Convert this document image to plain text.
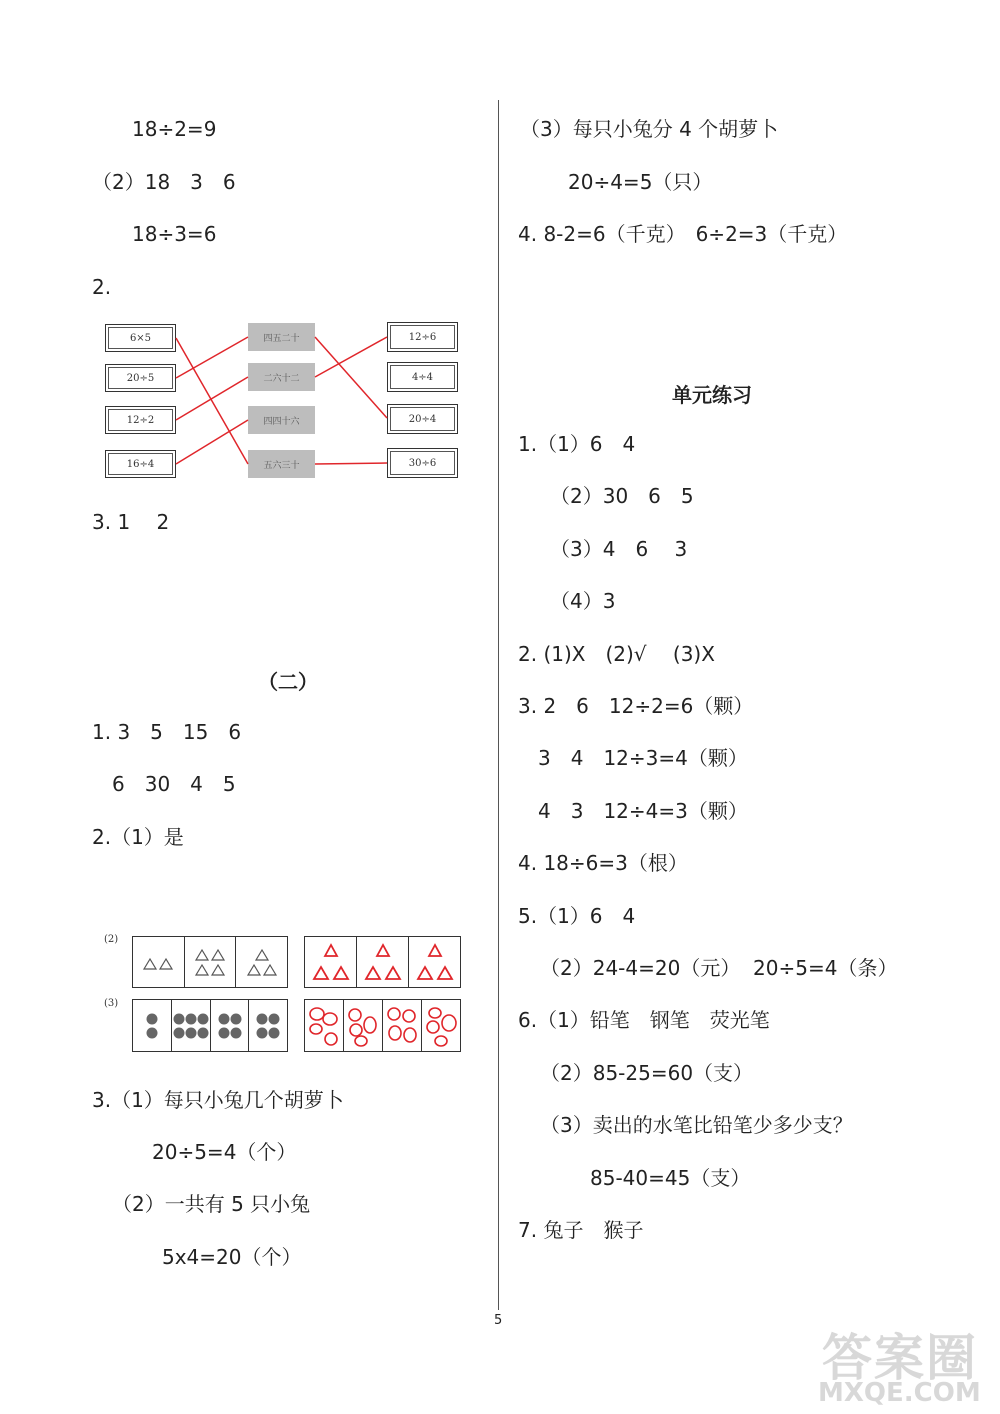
18÷2=9
（2）18　3　6
18÷3=6
2.
6×5
20÷5
12÷2
16÷4
四五二十
二六十二
四四十六
五六三十
12÷6
4÷4
20÷4
30÷6
3. 1　 2
（二）
1. 3　5　15　6
6　30　4　5
2.（1）是
(2)
(3)
3.（1）每只小兔几个胡萝卜
20÷5=4（个）
（2）一共有 5 只小兔
5x4=20（个）
（3）每只小兔分 4 个胡萝卜
20÷4=5（只）
4. 8-2=6（千克）　6÷2=3（千克）
单元练习
1.（1）6　4
（2）30　6　5
（3）4　6　 3
（4）3
2. (1)X　(2)√　 (3)X
3. 2　6　12÷2=6（颗）
3　4　12÷3=4（颗）
4　3　12÷4=3（颗）
4. 18÷6=3（根）
5.（1）6　4
（2）24-4=20（元）  20÷5=4（条）
6.（1）铅笔　钢笔　荧光笔
（2）85-25=60（支）
（3）卖出的水笔比铅笔少多少支？
85-40=45（支）
7. 兔子　猴子
5
答案圈
MXQE.COM
